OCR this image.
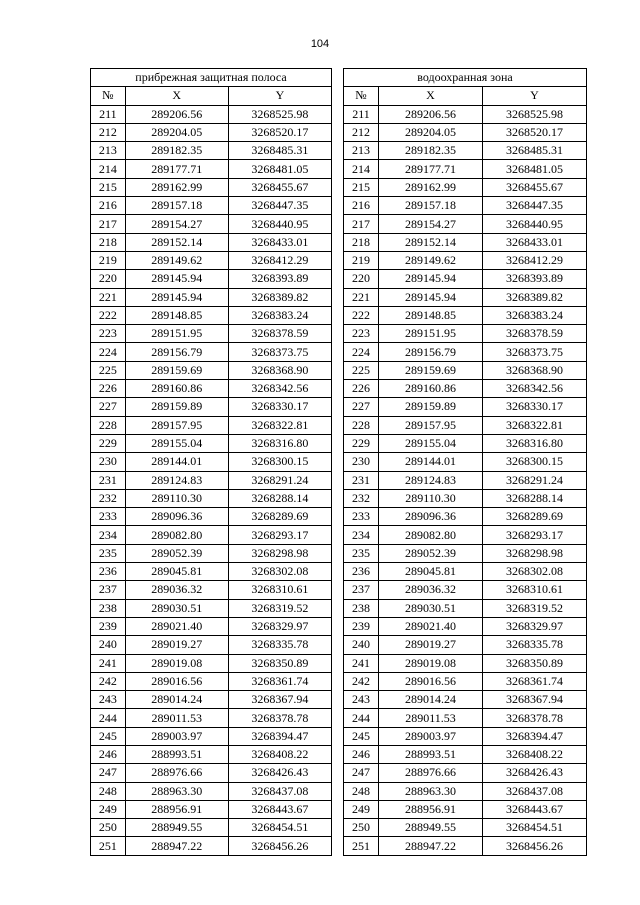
104
прибрежная защитная полоса		
№	X	Y
211	289206.56	3268525.98
212	289204.05	3268520.17
213	289182.35	3268485.31
214	289177.71	3268481.05
215	289162.99	3268455.67
216	289157.18	3268447.35
217	289154.27	3268440.95
218	289152.14	3268433.01
219	289149.62	3268412.29
220	289145.94	3268393.89
221	289145.94	3268389.82
222	289148.85	3268383.24
223	289151.95	3268378.59
224	289156.79	3268373.75
225	289159.69	3268368.90
226	289160.86	3268342.56
227	289159.89	3268330.17
228	289157.95	3268322.81
229	289155.04	3268316.80
230	289144.01	3268300.15
231	289124.83	3268291.24
232	289110.30	3268288.14
233	289096.36	3268289.69
234	289082.80	3268293.17
235	289052.39	3268298.98
236	289045.81	3268302.08
237	289036.32	3268310.61
238	289030.51	3268319.52
239	289021.40	3268329.97
240	289019.27	3268335.78
241	289019.08	3268350.89
242	289016.56	3268361.74
243	289014.24	3268367.94
244	289011.53	3268378.78
245	289003.97	3268394.47
246	288993.51	3268408.22
247	288976.66	3268426.43
248	288963.30	3268437.08
249	288956.91	3268443.67
250	288949.55	3268454.51
251	288947.22	3268456.26
водоохранная зона		
№	X	Y
211	289206.56	3268525.98
212	289204.05	3268520.17
213	289182.35	3268485.31
214	289177.71	3268481.05
215	289162.99	3268455.67
216	289157.18	3268447.35
217	289154.27	3268440.95
218	289152.14	3268433.01
219	289149.62	3268412.29
220	289145.94	3268393.89
221	289145.94	3268389.82
222	289148.85	3268383.24
223	289151.95	3268378.59
224	289156.79	3268373.75
225	289159.69	3268368.90
226	289160.86	3268342.56
227	289159.89	3268330.17
228	289157.95	3268322.81
229	289155.04	3268316.80
230	289144.01	3268300.15
231	289124.83	3268291.24
232	289110.30	3268288.14
233	289096.36	3268289.69
234	289082.80	3268293.17
235	289052.39	3268298.98
236	289045.81	3268302.08
237	289036.32	3268310.61
238	289030.51	3268319.52
239	289021.40	3268329.97
240	289019.27	3268335.78
241	289019.08	3268350.89
242	289016.56	3268361.74
243	289014.24	3268367.94
244	289011.53	3268378.78
245	289003.97	3268394.47
246	288993.51	3268408.22
247	288976.66	3268426.43
248	288963.30	3268437.08
249	288956.91	3268443.67
250	288949.55	3268454.51
251	288947.22	3268456.26
